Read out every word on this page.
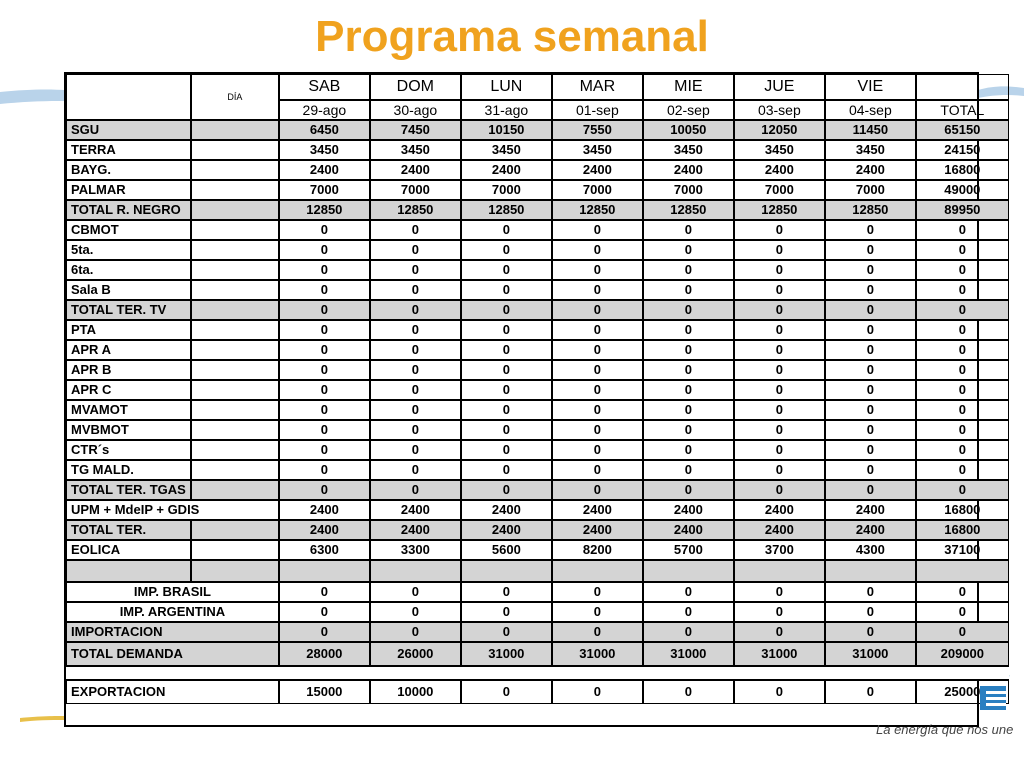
Programa semanal
	DÍA	SAB	DOM	LUN	MAR	MIE	JUE	VIE	
		29-ago	30-ago	31-ago	01-sep	02-sep	03-sep	04-sep	TOTAL
SGU		6450	7450	10150	7550	10050	12050	11450	65150
TERRA		3450	3450	3450	3450	3450	3450	3450	24150
BAYG.		2400	2400	2400	2400	2400	2400	2400	16800
PALMAR		7000	7000	7000	7000	7000	7000	7000	49000
TOTAL R. NEGRO		12850	12850	12850	12850	12850	12850	12850	89950
CBMOT		0	0	0	0	0	0	0	0
5ta.		0	0	0	0	0	0	0	0
6ta.		0	0	0	0	0	0	0	0
Sala B		0	0	0	0	0	0	0	0
TOTAL TER. TV		0	0	0	0	0	0	0	0
PTA		0	0	0	0	0	0	0	0
APR A		0	0	0	0	0	0	0	0
APR B		0	0	0	0	0	0	0	0
APR C		0	0	0	0	0	0	0	0
MVAMOT		0	0	0	0	0	0	0	0
MVBMOT		0	0	0	0	0	0	0	0
CTR´s		0	0	0	0	0	0	0	0
TG MALD.		0	0	0	0	0	0	0	0
TOTAL TER. TGAS		0	0	0	0	0	0	0	0
UPM + MdeIP + GDIS		2400	2400	2400	2400	2400	2400	2400	16800
TOTAL TER.		2400	2400	2400	2400	2400	2400	2400	16800
EOLICA		6300	3300	5600	8200	5700	3700	4300	37100

IMP. BRASIL		0	0	0	0	0	0	0	0
IMP. ARGENTINA		0	0	0	0	0	0	0	0
IMPORTACION		0	0	0	0	0	0	0	0
TOTAL DEMANDA		28000	26000	31000	31000	31000	31000	31000	209000

EXPORTACION		15000	10000	0	0	0	0	0	25000
La energía que nos une
